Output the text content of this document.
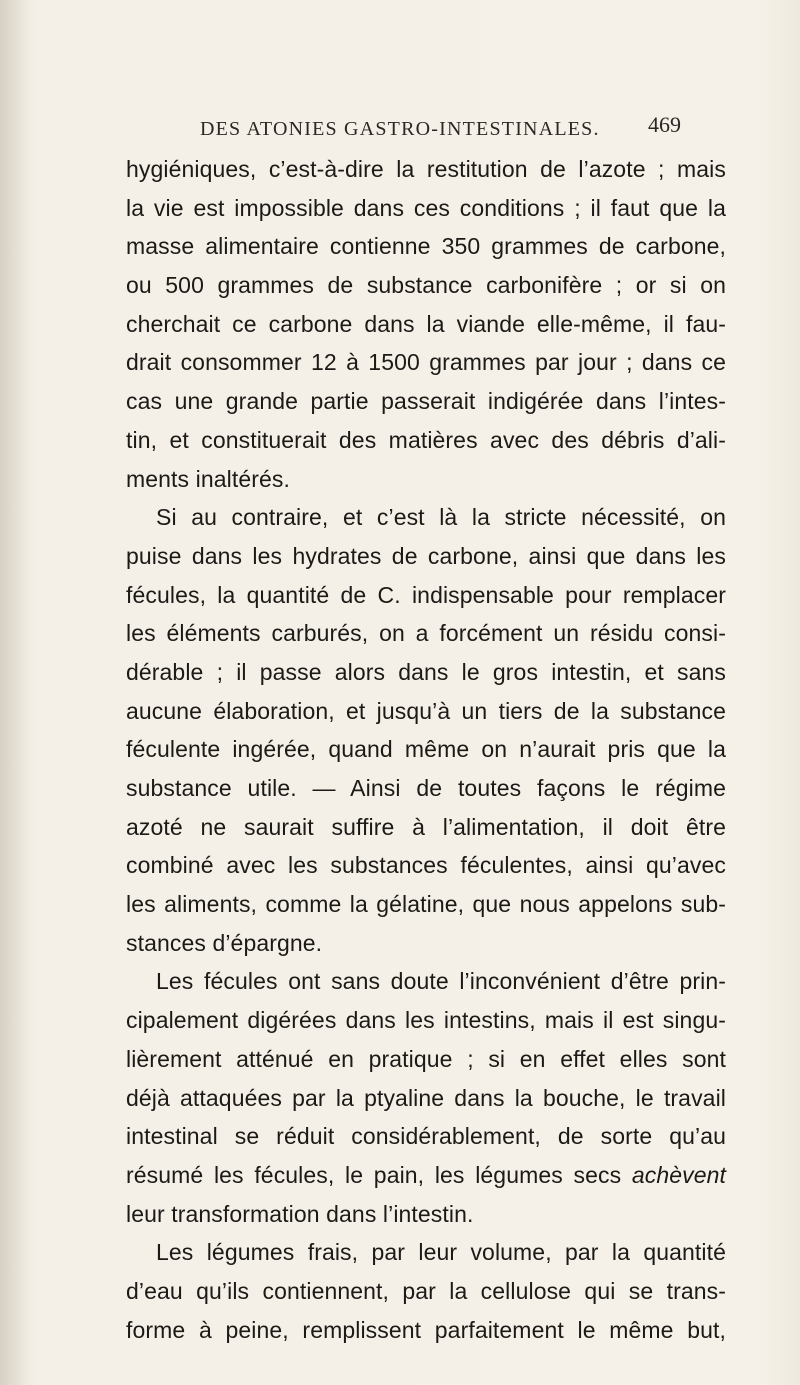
DES ATONIES GASTRO-INTESTINALES. 469
hygiéniques, c’est-à-dire la restitution de l’azote ; mais
la vie est impossible dans ces conditions ; il faut que la
masse alimentaire contienne 350 grammes de carbone,
ou 500 grammes de substance carbonifère ; or si on
cherchait ce carbone dans la viande elle-même, il fau-
drait consommer 12 à 1500 grammes par jour ; dans ce
cas une grande partie passerait indigérée dans l’intes-
tin, et constituerait des matières avec des débris d’ali-
ments inaltérés.
Si au contraire, et c’est là la stricte nécessité, on
puise dans les hydrates de carbone, ainsi que dans les
fécules, la quantité de C. indispensable pour remplacer
les éléments carburés, on a forcément un résidu consi-
dérable ; il passe alors dans le gros intestin, et sans
aucune élaboration, et jusqu’à un tiers de la substance
féculente ingérée, quand même on n’aurait pris que la
substance utile. — Ainsi de toutes façons le régime
azoté ne saurait suffire à l’alimentation, il doit être
combiné avec les substances féculentes, ainsi qu’avec
les aliments, comme la gélatine, que nous appelons sub-
stances d’épargne.
Les fécules ont sans doute l’inconvénient d’être prin-
cipalement digérées dans les intestins, mais il est singu-
lièrement atténué en pratique ; si en effet elles sont
déjà attaquées par la ptyaline dans la bouche, le travail
intestinal se réduit considérablement, de sorte qu’au
résumé les fécules, le pain, les légumes secs achèvent
leur transformation dans l’intestin.
Les légumes frais, par leur volume, par la quantité
d’eau qu’ils contiennent, par la cellulose qui se trans-
forme à peine, remplissent parfaitement le même but,
